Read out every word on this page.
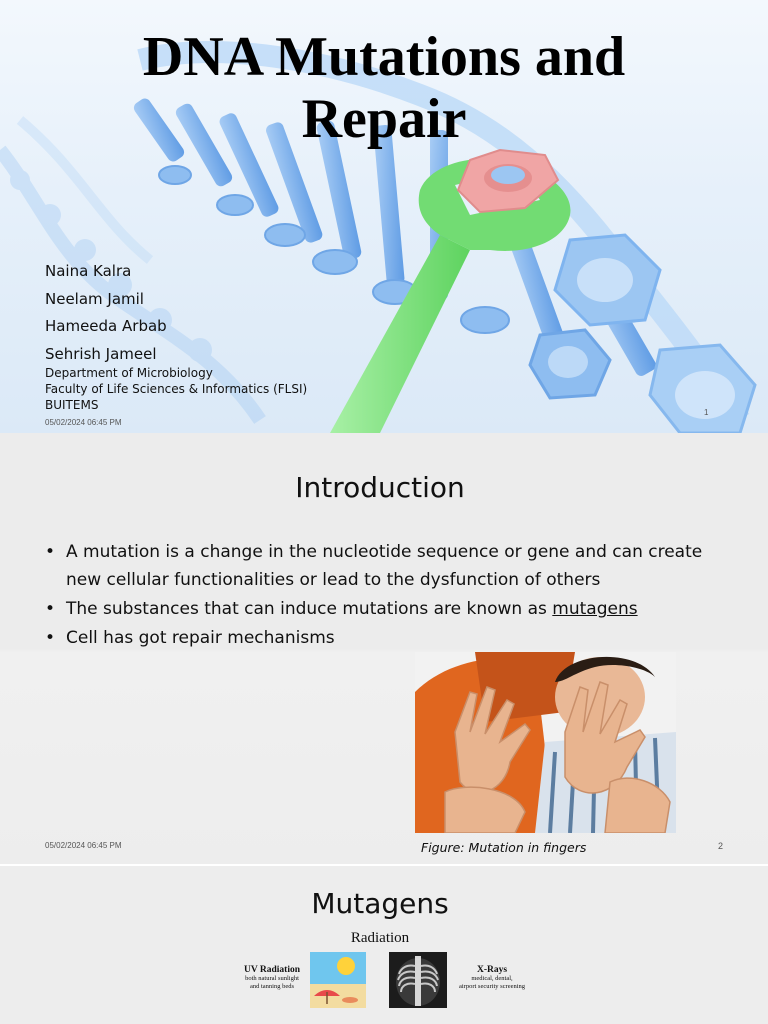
DNA Mutations and Repair
Naina Kalra
Neelam Jamil
Hameeda Arbab
Sehrish Jameel
Department of Microbiology
Faculty of Life Sciences & Informatics (FLSI)
BUITEMS
05/02/2024 06:45 PM
1
Introduction
• A mutation is a change in the nucleotide sequence or gene and can create new cellular functionalities or lead to the dysfunction of others
• The substances that can induce mutations are known as mutagens
• Cell has got repair mechanisms
Figure: Mutation in fingers
05/02/2024 06:45 PM	2
Mutagens
Radiation
UV Radiation
both natural sunlight
and tanning beds
X-Rays
medical, dental,
airport security screening
